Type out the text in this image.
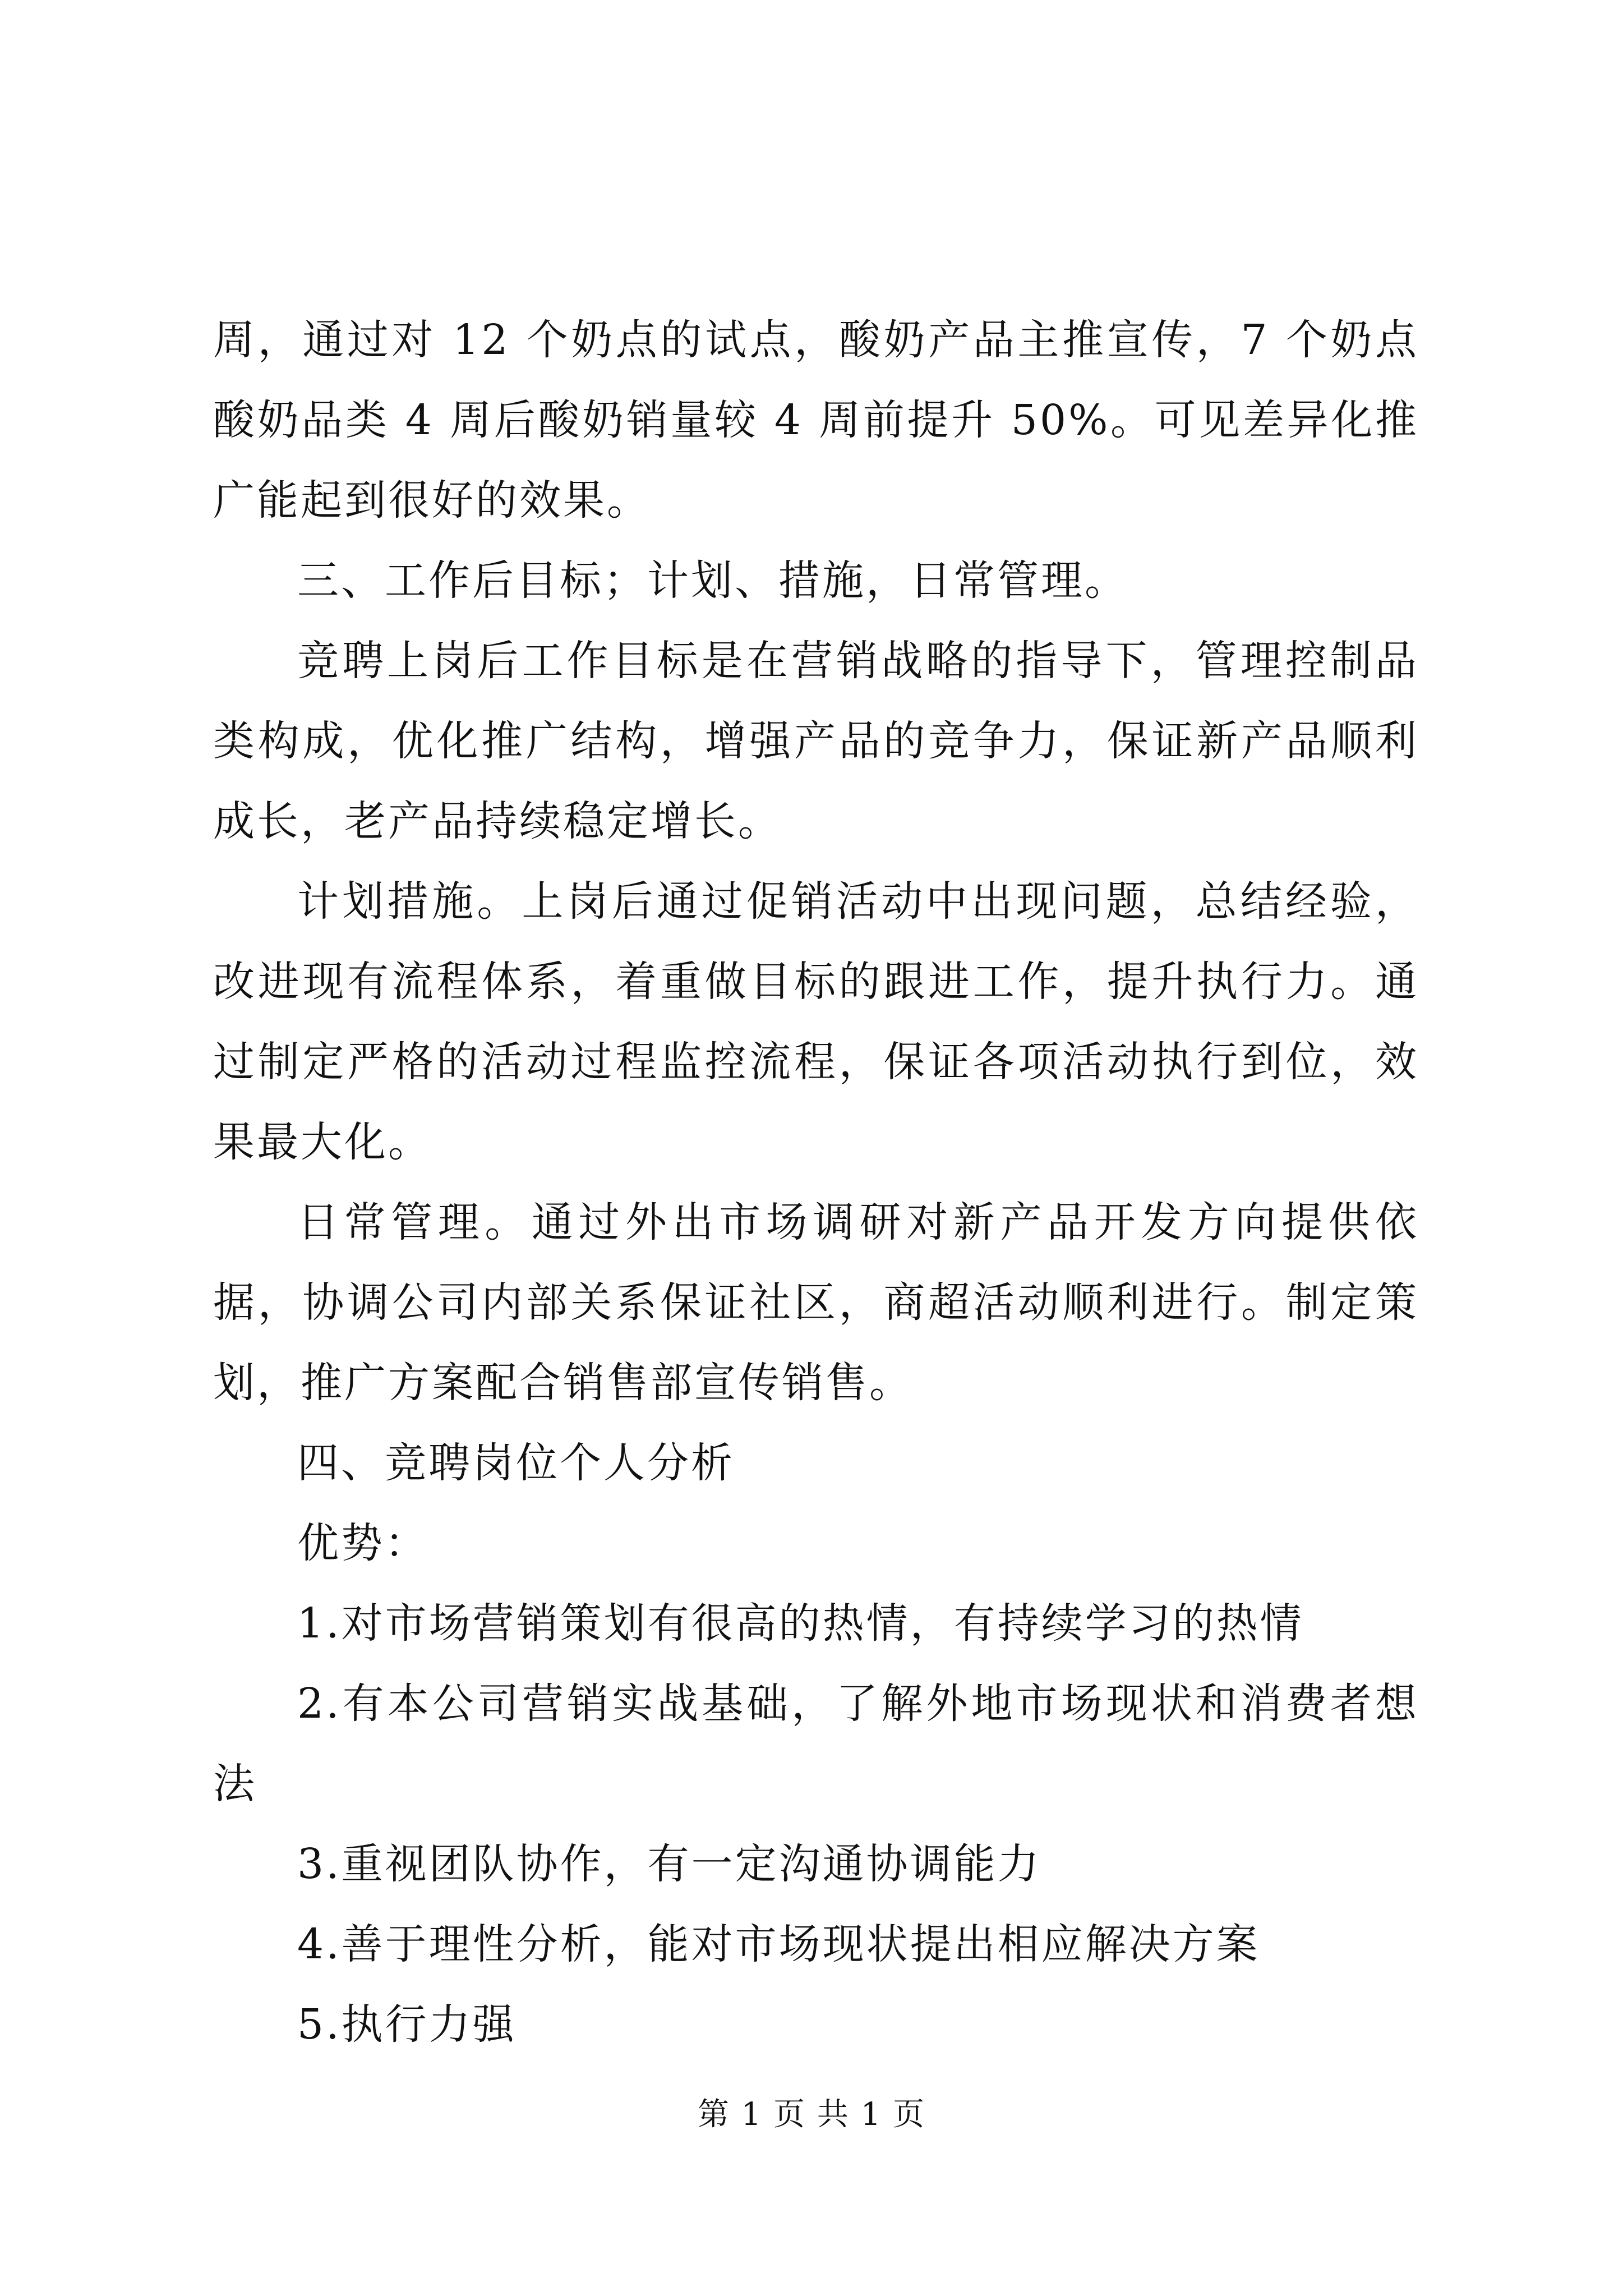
周，通过对 12 个奶点的试点，酸奶产品主推宣传，7 个奶点酸奶品类 4 周后酸奶销量较 4 周前提升 50%。可见差异化推广能起到很好的效果。

三、工作后目标；计划、措施，日常管理。

竞聘上岗后工作目标是在营销战略的指导下，管理控制品类构成，优化推广结构，增强产品的竞争力，保证新产品顺利成长，老产品持续稳定增长。

计划措施。上岗后通过促销活动中出现问题，总结经验，改进现有流程体系，着重做目标的跟进工作，提升执行力。通过制定严格的活动过程监控流程，保证各项活动执行到位，效果最大化。

日常管理。通过外出市场调研对新产品开发方向提供依据，协调公司内部关系保证社区，商超活动顺利进行。制定策划，推广方案配合销售部宣传销售。

四、竞聘岗位个人分析

优势：

1.对市场营销策划有很高的热情，有持续学习的热情

2.有本公司营销实战基础，了解外地市场现状和消费者想法

3.重视团队协作，有一定沟通协调能力

4.善于理性分析，能对市场现状提出相应解决方案

5.执行力强

第 1 页 共 1 页
